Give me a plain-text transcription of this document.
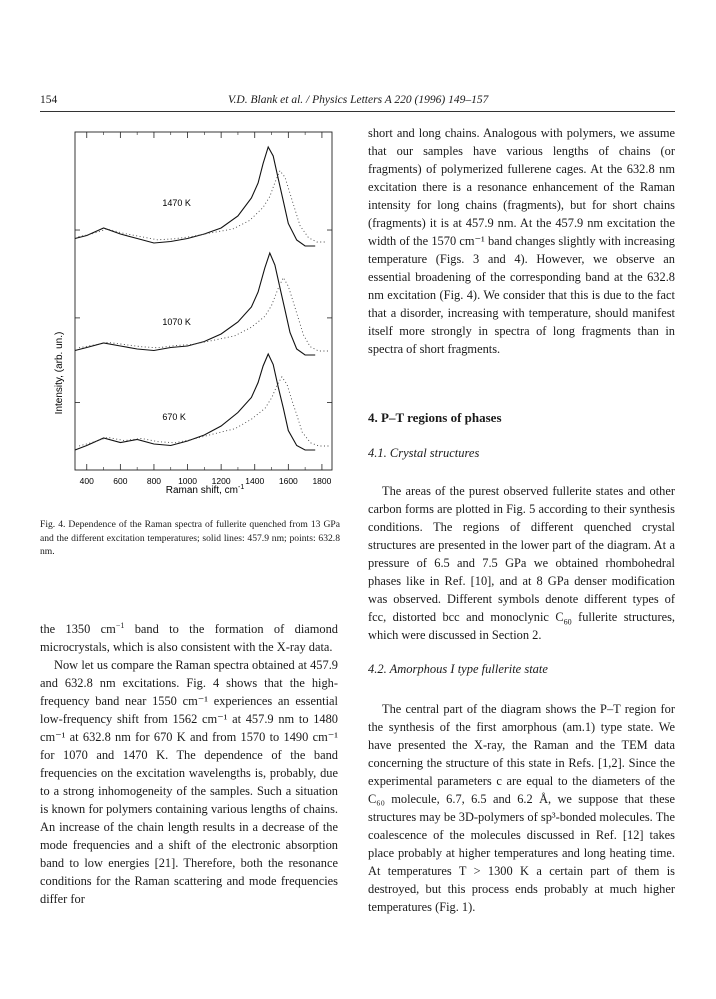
154	V.D. Blank et al. / Physics Letters A 220 (1996) 149–157
400 600 800 1000 1200 1400 1600 1800
1470 K
1070 K
670 K
Intensity, (arb. un.)
Raman shift, $cm^{-1}$
Fig. 4. Dependence of the Raman spectra of fullerite quenched from 13 GPa and the different excitation temperatures; solid lines: 457.9 nm; points: 632.8 nm.

the 1350 $cm^{-1}$ band to the formation of diamond microcrystals, which is also consistent with the X-ray data.

Now let us compare the Raman spectra obtained at 457.9 and 632.8 nm excitations. Fig. 4 shows that the high-frequency band near 1550 cm⁻¹ experiences an essential low-frequency shift from 1562 cm⁻¹ at 457.9 nm to 1480 cm⁻¹ at 632.8 nm for 670 K and from 1570 to 1490 cm⁻¹ for 1070 and 1470 K. The dependence of the band frequencies on the excitation wavelengths is, probably, due to a strong inhomogeneity of the samples. Such a situation is known for polymers containing various lengths of chains. An increase of the chain length results in a decrease of the mode frequencies and a shift of the electronic absorption band to low energies [21]. Therefore, both the resonance conditions for the Raman scattering and mode frequencies differ for

short and long chains. Analogous with polymers, we assume that our samples have various lengths of chains (or fragments) of polymerized fullerene cages. At the 632.8 nm excitation there is a resonance enhancement of the Raman intensity for long chains (fragments), but for short chains (fragments) it is at 457.9 nm. At the 457.9 nm excitation the width of the 1570 cm⁻¹ band changes slightly with increasing temperature (Figs. 3 and 4). However, we observe an essential broadening of the corresponding band at the 632.8 nm excitation (Fig. 4). We consider that this is due to the fact that a disorder, increasing with temperature, should manifest itself more strongly in spectra of long fragments than in spectra of short fragments.

4. P–T regions of phases
4.1. Crystal structures

The areas of the purest observed fullerite states and other carbon forms are plotted in Fig. 5 according to their synthesis conditions. The regions of different quenched crystal structures are presented in the lower part of the diagram. At a pressure of 6.5 and 7.5 GPa we obtained rhombohedral phases like in Ref. [10], and at 8 GPa denser modification was observed. Different symbols denote different types of fcc, distorted bcc and monoclynic $C_{60}$ fullerite structures, which were discussed in Section 2.

4.2. Amorphous I type fullerite state

The central part of the diagram shows the P–T region for the synthesis of the first amorphous (am.1) type state. We have presented the X-ray, the Raman and the TEM data concerning the structure of this state in Refs. [1,2]. Since the experimental parameters c are equal to the diameters of the C₆₀ molecule, 6.7, 6.5 and 6.2 Å, we suppose that these structures may be 3D-polymers of sp³-bonded molecules. The coalescence of the molecules discussed in Ref. [12] takes place probably at higher temperatures and long heating time. At temperatures T > 1300 K a certain part of them is destroyed, but this process ends probably at much higher temperatures (Fig. 1).
